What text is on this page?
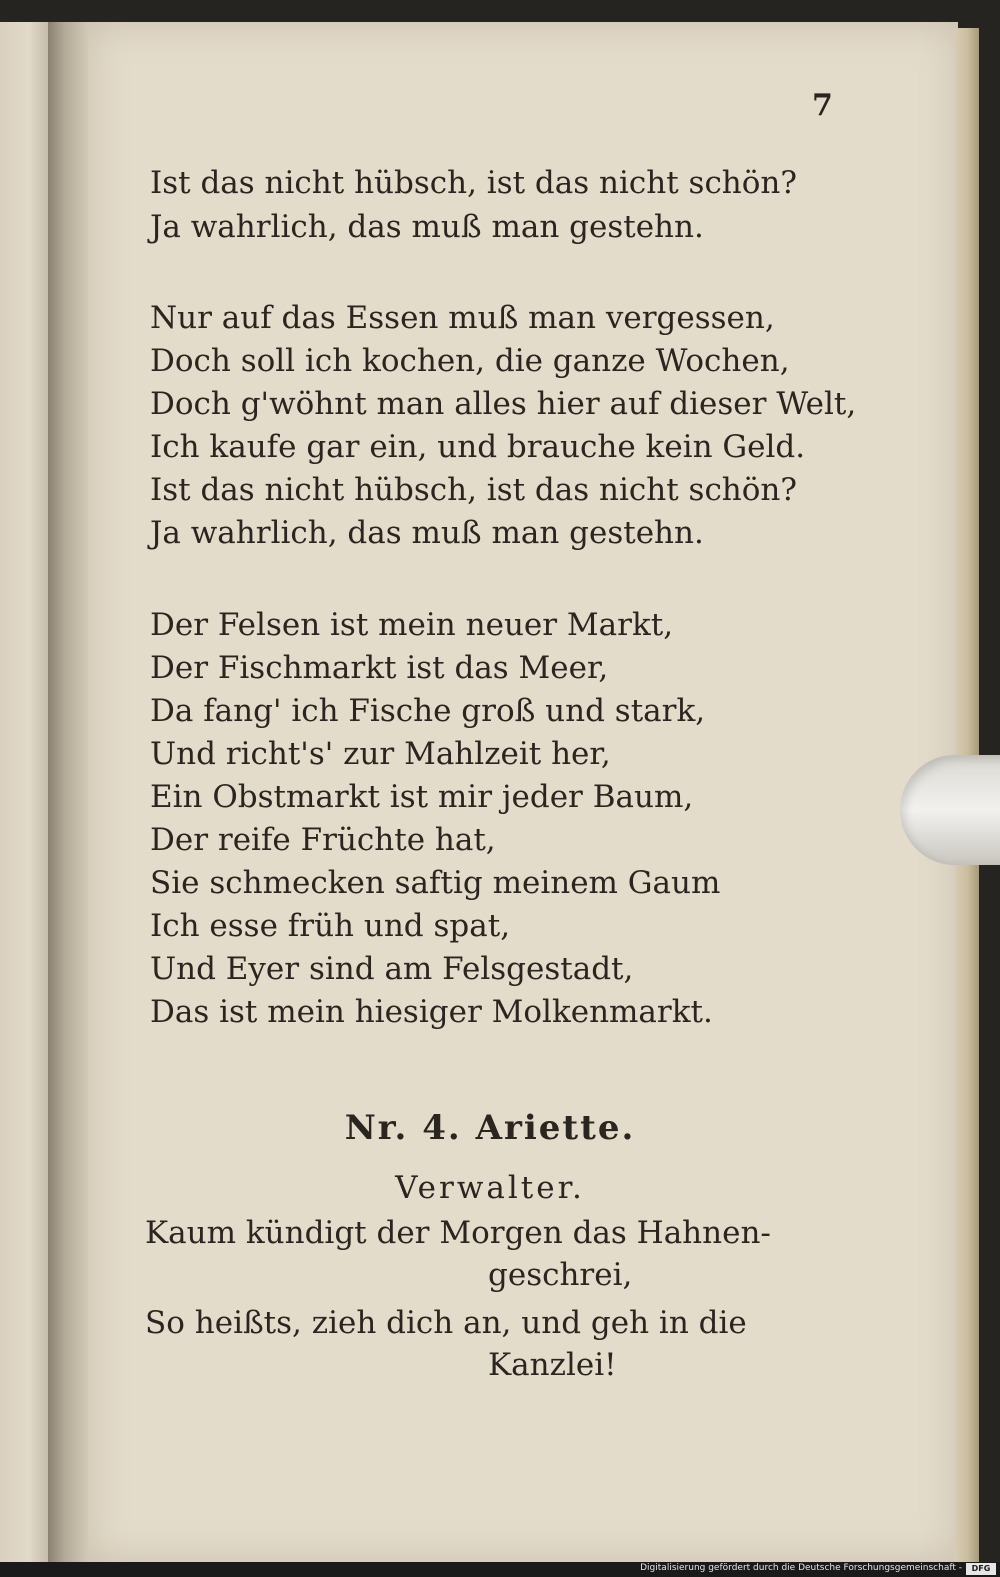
7
Ist das nicht hübsch, ist das nicht schön?
Ja wahrlich, das muß man gestehn.
Nur auf das Essen muß man vergessen,
Doch soll ich kochen, die ganze Wochen,
Doch g'wöhnt man alles hier auf dieser Welt,
Ich kaufe gar ein, und brauche kein Geld.
Ist das nicht hübsch, ist das nicht schön?
Ja wahrlich, das muß man gestehn.
Der Felsen ist mein neuer Markt,
Der Fischmarkt ist das Meer,
Da fang' ich Fische groß und stark,
Und richt's' zur Mahlzeit her,
Ein Obstmarkt ist mir jeder Baum,
Der reife Früchte hat,
Sie schmecken saftig meinem Gaum
Ich esse früh und spat,
Und Eyer sind am Felsgestadt,
Das ist mein hiesiger Molkenmarkt.
Nr. 4. Ariette.
Verwalter.
Kaum kündigt der Morgen das Hahnen-
geschrei,
So heißts, zieh dich an, und geh in die
Kanzlei!
Digitalisierung gefördert durch die Deutsche Forschungsgemeinschaft -	DFG
